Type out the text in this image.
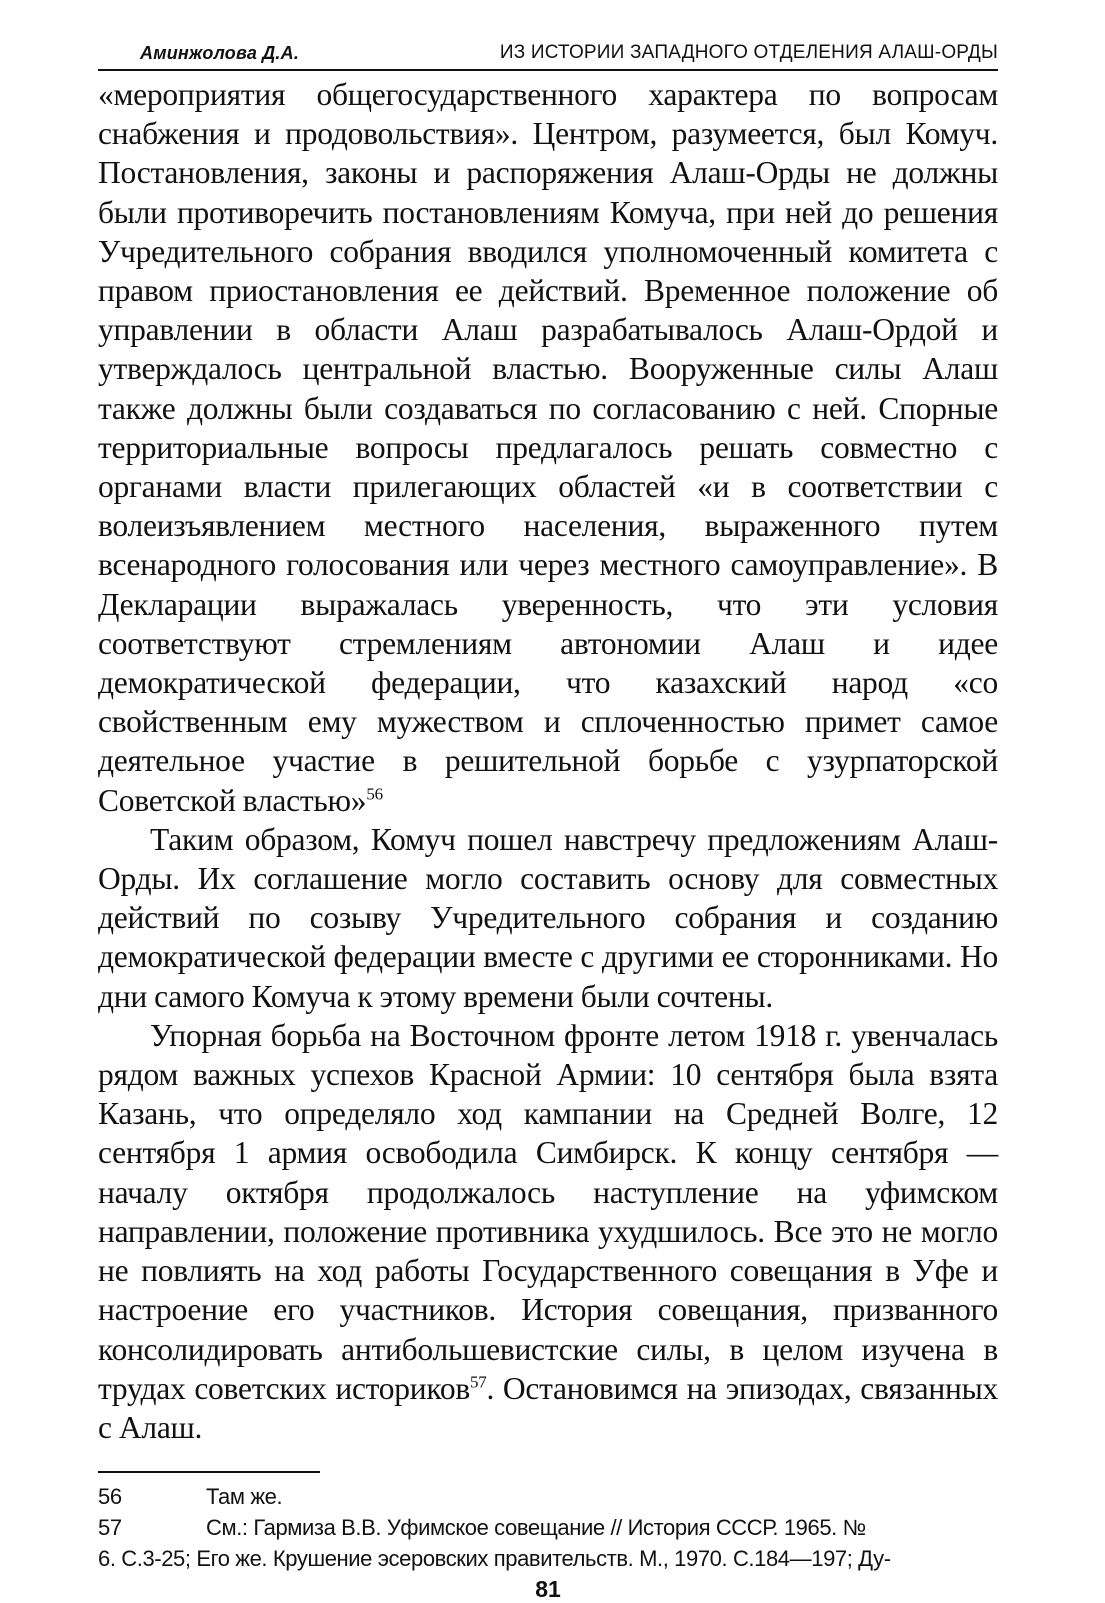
Аминжолова Д.А.	ИЗ ИСТОРИИ ЗАПАДНОГО ОТДЕЛЕНИЯ АЛАШ-ОРДЫ

«мероприятия общегосударственного характера по вопросам снабжения и продовольствия». Центром, разумеется, был Комуч. Постановления, законы и распоряжения Алаш-Орды не должны были противоречить постановлениям Комуча, при ней до решения Учредительного собрания вводился уполномоченный комитета с правом приостановления ее действий. Временное положение об управлении в области Алаш разрабатывалось Алаш-Ордой и утверждалось центральной властью. Вооруженные силы Алаш также должны были создаваться по согласованию с ней. Спорные территориальные вопросы предлагалось решать совместно с органами власти прилегающих областей «и в соответствии с волеизъявлением местного населения, выраженного путем всенародного голосования или через местного самоуправление». В Декларации выражалась уверенность, что эти условия соответствуют стремлениям автономии Алаш и идее демократической федерации, что казахский народ «со свойственным ему мужеством и сплоченностью примет самое деятельное участие в решительной борьбе с узурпаторской Советской властью»$^{56}$

Таким образом, Комуч пошел навстречу предложениям Алаш-Орды. Их соглашение могло составить основу для совместных действий по созыву Учредительного собрания и созданию демократической федерации вместе с другими ее сторонниками. Но дни самого Комуча к этому времени были сочтены.

Упорная борьба на Восточном фронте летом 1918 г. увенчалась рядом важных успехов Красной Армии: 10 сентября была взята Казань, что определяло ход кампании на Средней Волге, 12 сентября 1 армия освободила Симбирск. К концу сентября — началу октября продолжалось наступление на уфимском направлении, положение противника ухудшилось. Все это не могло не повлиять на ход работы Государственного совещания в Уфе и настроение его участников. История совещания, призванного консолидировать антибольшевистские силы, в целом изучена в трудах советских историков$^{57}$. Остановимся на эпизодах, связанных с Алаш.

56	Там же.
57	См.: Гармиза В.В. Уфимское совещание // История СССР. 1965. №
6. С.3-25; Его же. Крушение эсеровских правительств. М., 1970. С.184—197; Ду-
81
